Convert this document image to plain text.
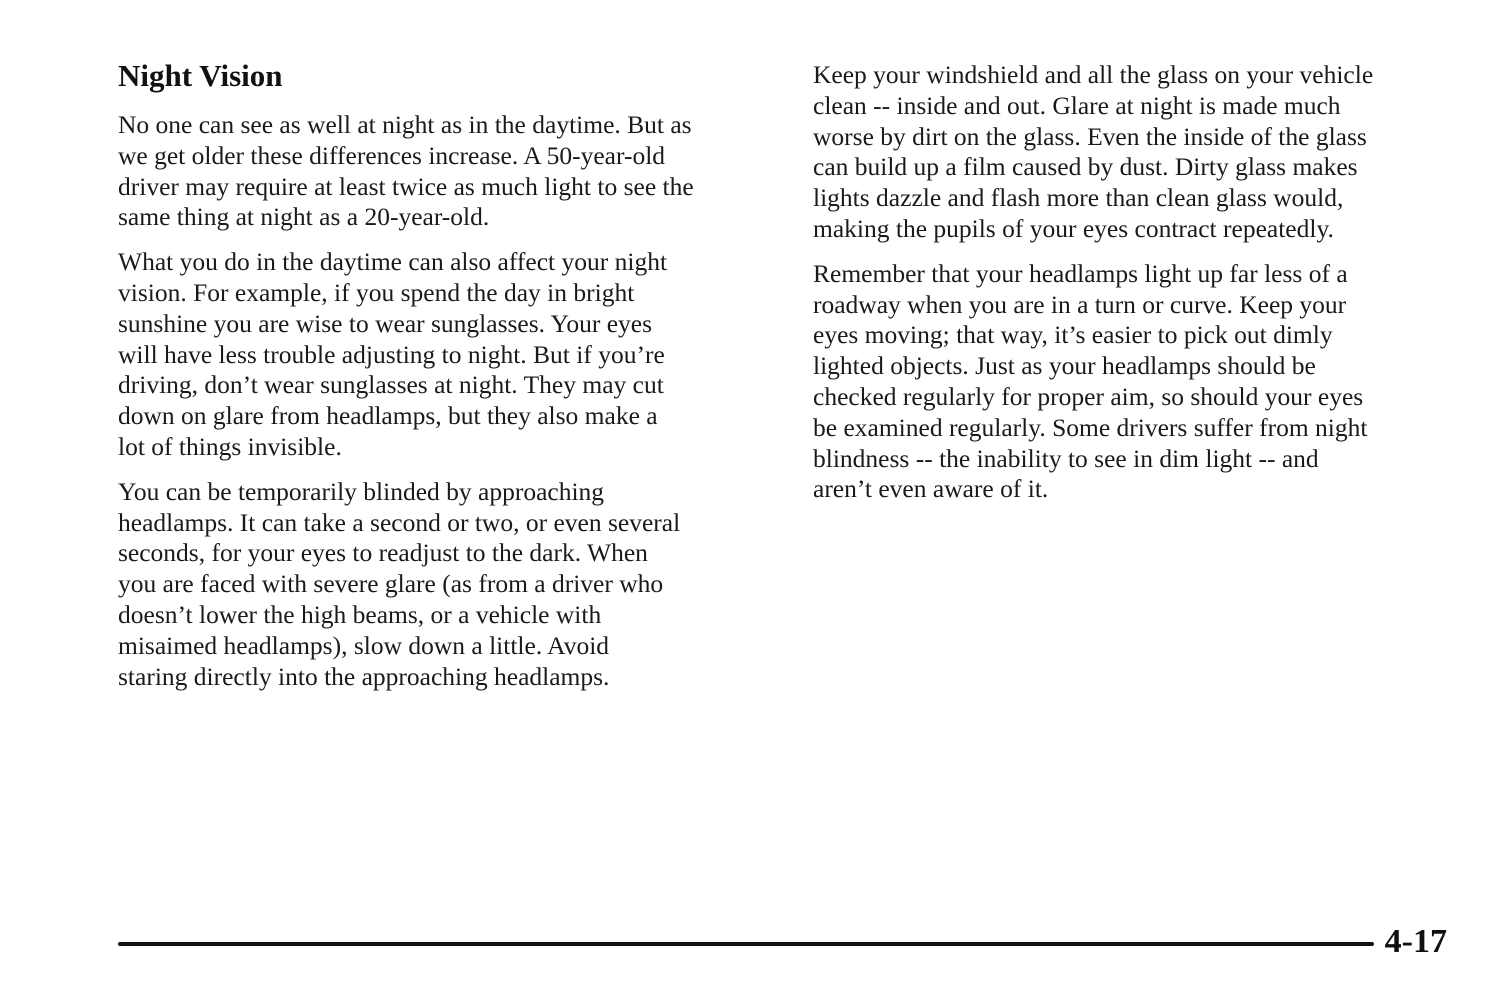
Night Vision

No one can see as well at night as in the daytime. But as
we get older these differences increase. A 50-year-old
driver may require at least twice as much light to see the
same thing at night as a 20-year-old.

What you do in the daytime can also affect your night
vision. For example, if you spend the day in bright
sunshine you are wise to wear sunglasses. Your eyes
will have less trouble adjusting to night. But if you’re
driving, don’t wear sunglasses at night. They may cut
down on glare from headlamps, but they also make a
lot of things invisible.

You can be temporarily blinded by approaching
headlamps. It can take a second or two, or even several
seconds, for your eyes to readjust to the dark. When
you are faced with severe glare (as from a driver who
doesn’t lower the high beams, or a vehicle with
misaimed headlamps), slow down a little. Avoid
staring directly into the approaching headlamps.

Keep your windshield and all the glass on your vehicle
clean -- inside and out. Glare at night is made much
worse by dirt on the glass. Even the inside of the glass
can build up a film caused by dust. Dirty glass makes
lights dazzle and flash more than clean glass would,
making the pupils of your eyes contract repeatedly.

Remember that your headlamps light up far less of a
roadway when you are in a turn or curve. Keep your
eyes moving; that way, it’s easier to pick out dimly
lighted objects. Just as your headlamps should be
checked regularly for proper aim, so should your eyes
be examined regularly. Some drivers suffer from night
blindness -- the inability to see in dim light -- and
aren’t even aware of it.

4-17
